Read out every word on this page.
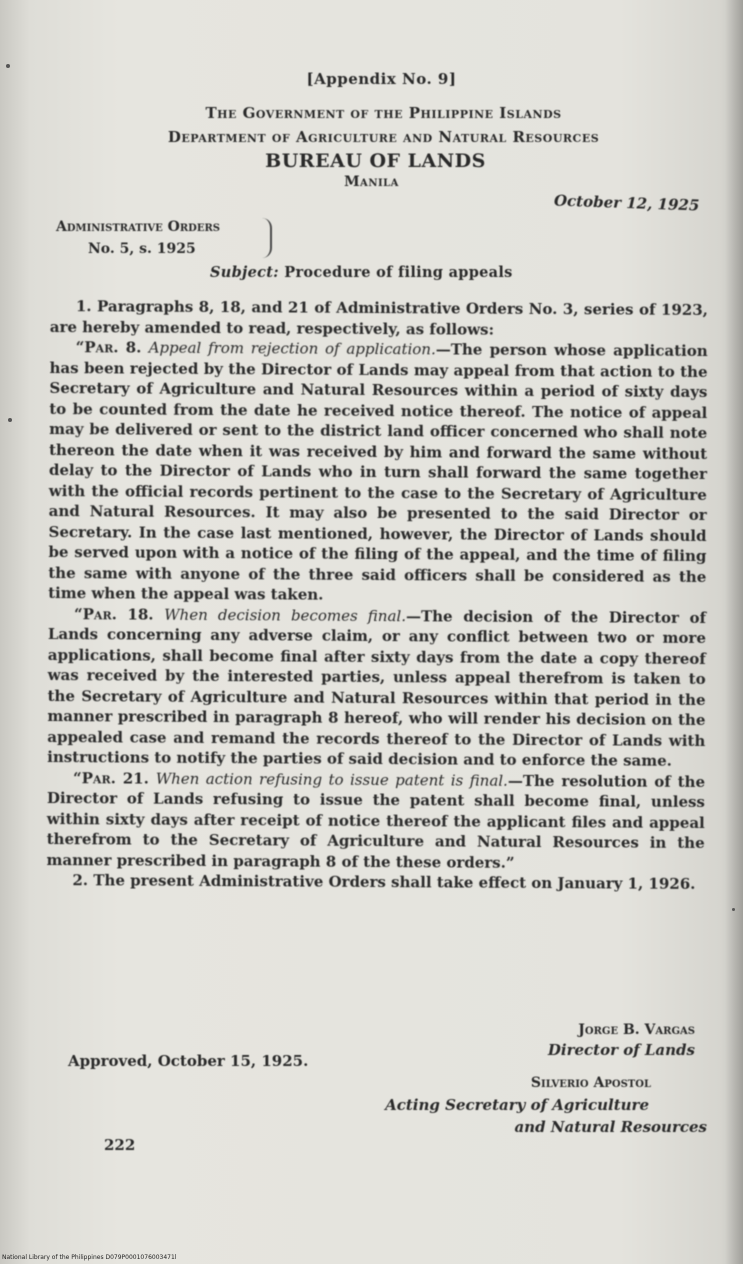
[Appendix No. 9]
The Government of the Philippine Islands
Department of Agriculture and Natural Resources
BUREAU OF LANDS
Manila
October 12, 1925
Administrative Orders
No. 5, s. 1925
Subject: Procedure of filing appeals

1. Paragraphs 8, 18, and 21 of Administrative Orders No. 3, series of 1923, are hereby amended to read, respectively, as follows:

“Par. 8. Appeal from rejection of application.—The person whose application has been rejected by the Director of Lands may appeal from that action to the Secretary of Agriculture and Natural Resources within a period of sixty days to be counted from the date he received notice thereof. The notice of appeal may be delivered or sent to the district land officer concerned who shall note thereon the date when it was received by him and forward the same without delay to the Director of Lands who in turn shall forward the same together with the official records pertinent to the case to the Secretary of Agriculture and Natural Resources. It may also be presented to the said Director or Secretary. In the case last mentioned, however, the Director of Lands should be served upon with a notice of the filing of the appeal, and the time of filing the same with anyone of the three said officers shall be considered as the time when the appeal was taken.

“Par. 18. When decision becomes final.—The decision of the Director of Lands concerning any adverse claim, or any conflict between two or more applications, shall become final after sixty days from the date a copy thereof was received by the interested parties, unless appeal therefrom is taken to the Secretary of Agriculture and Natural Resources within that period in the manner prescribed in paragraph 8 hereof, who will render his decision on the appealed case and remand the records thereof to the Director of Lands with instructions to notify the parties of said decision and to enforce the same.

“Par. 21. When action refusing to issue patent is final.—The resolution of the Director of Lands refusing to issue the patent shall become final, unless within sixty days after receipt of notice thereof the applicant files and appeal therefrom to the Secretary of Agriculture and Natural Resources in the manner prescribed in paragraph 8 of the these orders.”

2. The present Administrative Orders shall take effect on January 1, 1926.

Jorge B. Vargas
Director of Lands
Approved, October 15, 1925.
Silverio Apostol
Acting Secretary of Agriculture
and Natural Resources
222
National Library of the Philippines D079P0001076003471l
